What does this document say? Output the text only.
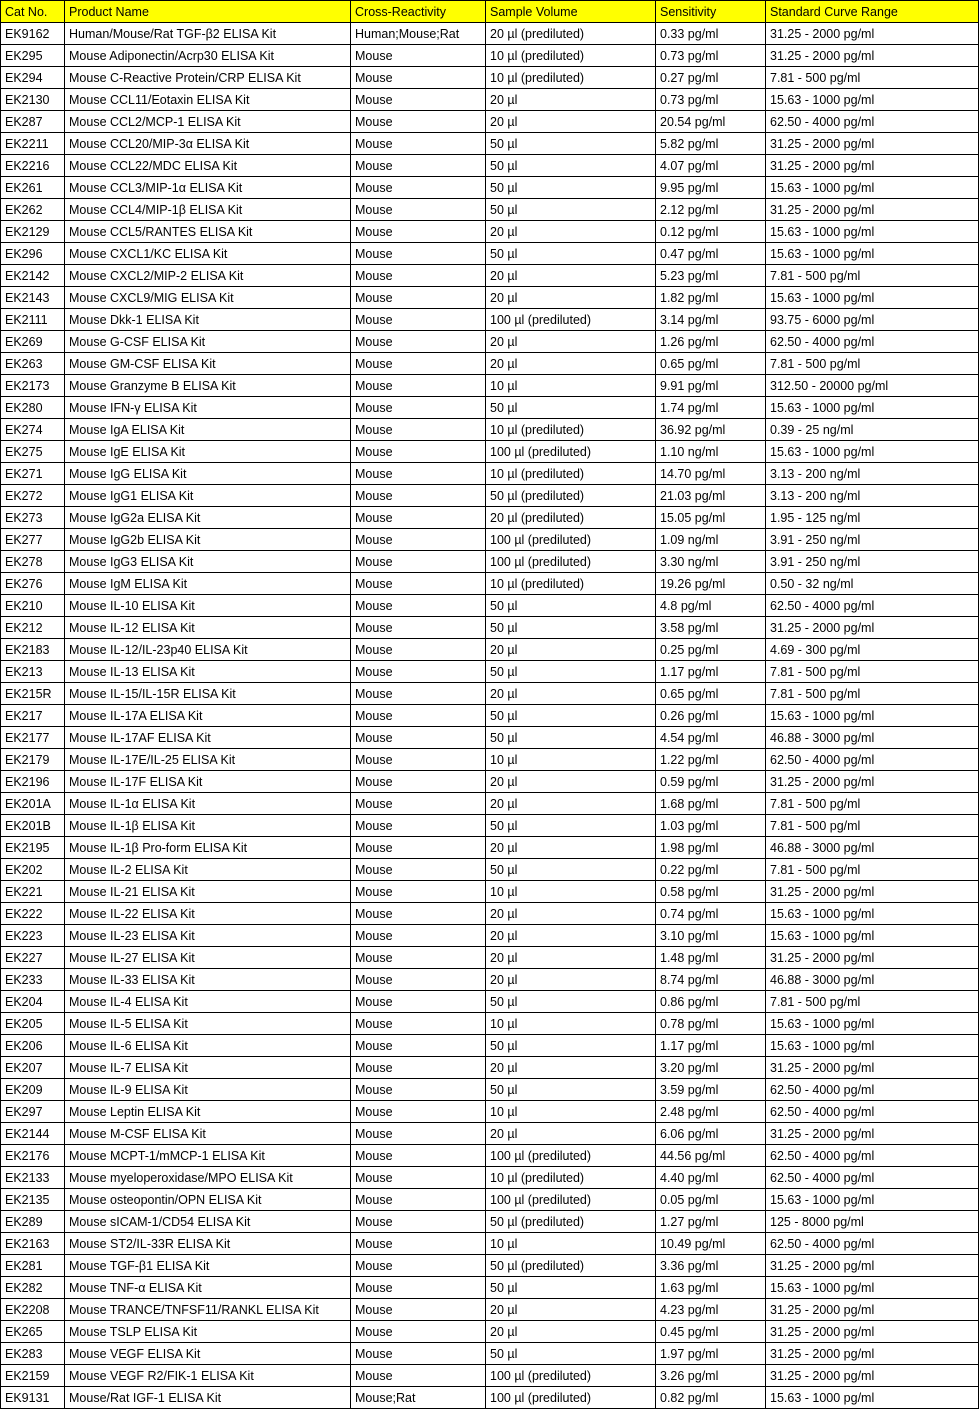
Cat No.	Product Name	Cross-Reactivity	Sample Volume	Sensitivity	Standard Curve Range
EK9162	Human/Mouse/Rat TGF-β2 ELISA Kit	Human;Mouse;Rat	20 µl (prediluted)	0.33 pg/ml	31.25 - 2000 pg/ml
EK295	Mouse Adiponectin/Acrp30 ELISA Kit	Mouse	10 µl (prediluted)	0.73 pg/ml	31.25 - 2000 pg/ml
EK294	Mouse C-Reactive Protein/CRP ELISA Kit	Mouse	10 µl (prediluted)	0.27 pg/ml	7.81 - 500 pg/ml
EK2130	Mouse CCL11/Eotaxin ELISA Kit	Mouse	20 µl	0.73 pg/ml	15.63 - 1000 pg/ml
EK287	Mouse CCL2/MCP-1 ELISA Kit	Mouse	20 µl	20.54 pg/ml	62.50 - 4000 pg/ml
EK2211	Mouse CCL20/MIP-3α ELISA Kit	Mouse	50 µl	5.82 pg/ml	31.25 - 2000 pg/ml
EK2216	Mouse CCL22/MDC ELISA Kit	Mouse	50 µl	4.07 pg/ml	31.25 - 2000 pg/ml
EK261	Mouse CCL3/MIP-1α ELISA Kit	Mouse	50 µl	9.95 pg/ml	15.63 - 1000 pg/ml
EK262	Mouse CCL4/MIP-1β ELISA Kit	Mouse	50 µl	2.12 pg/ml	31.25 - 2000 pg/ml
EK2129	Mouse CCL5/RANTES ELISA Kit	Mouse	20 µl	0.12 pg/ml	15.63 - 1000 pg/ml
EK296	Mouse CXCL1/KC ELISA Kit	Mouse	50 µl	0.47 pg/ml	15.63 - 1000 pg/ml
EK2142	Mouse CXCL2/MIP-2 ELISA Kit	Mouse	20 µl	5.23 pg/ml	7.81 - 500 pg/ml
EK2143	Mouse CXCL9/MIG ELISA Kit	Mouse	20 µl	1.82 pg/ml	15.63 - 1000 pg/ml
EK2111	Mouse Dkk-1 ELISA Kit	Mouse	100 µl (prediluted)	3.14 pg/ml	93.75 - 6000 pg/ml
EK269	Mouse G-CSF ELISA Kit	Mouse	20 µl	1.26 pg/ml	62.50 - 4000 pg/ml
EK263	Mouse GM-CSF ELISA Kit	Mouse	20 µl	0.65 pg/ml	7.81 - 500 pg/ml
EK2173	Mouse Granzyme B ELISA Kit	Mouse	10 µl	9.91 pg/ml	312.50 - 20000 pg/ml
EK280	Mouse IFN-γ ELISA Kit	Mouse	50 µl	1.74 pg/ml	15.63 - 1000 pg/ml
EK274	Mouse IgA ELISA Kit	Mouse	10 µl (prediluted)	36.92 pg/ml	0.39 - 25 ng/ml
EK275	Mouse IgE ELISA Kit	Mouse	100 µl (prediluted)	1.10 ng/ml	15.63 - 1000 pg/ml
EK271	Mouse IgG ELISA Kit	Mouse	10 µl (prediluted)	14.70 pg/ml	3.13 - 200 ng/ml
EK272	Mouse IgG1 ELISA Kit	Mouse	50 µl (prediluted)	21.03 pg/ml	3.13 - 200 ng/ml
EK273	Mouse IgG2a ELISA Kit	Mouse	20 µl (prediluted)	15.05 pg/ml	1.95 - 125 ng/ml
EK277	Mouse IgG2b ELISA Kit	Mouse	100 µl (prediluted)	1.09 ng/ml	3.91 - 250 ng/ml
EK278	Mouse IgG3 ELISA Kit	Mouse	100 µl (prediluted)	3.30 ng/ml	3.91 - 250 ng/ml
EK276	Mouse IgM ELISA Kit	Mouse	10 µl (prediluted)	19.26 pg/ml	0.50 - 32 ng/ml
EK210	Mouse IL-10 ELISA Kit	Mouse	50 µl	4.8 pg/ml	62.50 - 4000 pg/ml
EK212	Mouse IL-12 ELISA Kit	Mouse	50 µl	3.58 pg/ml	31.25 - 2000 pg/ml
EK2183	Mouse IL-12/IL-23p40 ELISA Kit	Mouse	20 µl	0.25 pg/ml	4.69 - 300 pg/ml
EK213	Mouse IL-13 ELISA Kit	Mouse	50 µl	1.17 pg/ml	7.81 - 500 pg/ml
EK215R	Mouse IL-15/IL-15R ELISA Kit	Mouse	20 µl	0.65 pg/ml	7.81 - 500 pg/ml
EK217	Mouse IL-17A ELISA Kit	Mouse	50 µl	0.26 pg/ml	15.63 - 1000 pg/ml
EK2177	Mouse IL-17AF ELISA Kit	Mouse	50 µl	4.54 pg/ml	46.88 - 3000 pg/ml
EK2179	Mouse IL-17E/IL-25 ELISA Kit	Mouse	10 µl	1.22 pg/ml	62.50 - 4000 pg/ml
EK2196	Mouse IL-17F ELISA Kit	Mouse	20 µl	0.59 pg/ml	31.25 - 2000 pg/ml
EK201A	Mouse IL-1α ELISA Kit	Mouse	20 µl	1.68 pg/ml	7.81 - 500 pg/ml
EK201B	Mouse IL-1β ELISA Kit	Mouse	50 µl	1.03 pg/ml	7.81 - 500 pg/ml
EK2195	Mouse IL-1β Pro-form ELISA Kit	Mouse	20 µl	1.98 pg/ml	46.88 - 3000 pg/ml
EK202	Mouse IL-2 ELISA Kit	Mouse	50 µl	0.22 pg/ml	7.81 - 500 pg/ml
EK221	Mouse IL-21 ELISA Kit	Mouse	10 µl	0.58 pg/ml	31.25 - 2000 pg/ml
EK222	Mouse IL-22 ELISA Kit	Mouse	20 µl	0.74 pg/ml	15.63 - 1000 pg/ml
EK223	Mouse IL-23 ELISA Kit	Mouse	20 µl	3.10 pg/ml	15.63 - 1000 pg/ml
EK227	Mouse IL-27 ELISA Kit	Mouse	20 µl	1.48 pg/ml	31.25 - 2000 pg/ml
EK233	Mouse IL-33 ELISA Kit	Mouse	20 µl	8.74 pg/ml	46.88 - 3000 pg/ml
EK204	Mouse IL-4 ELISA Kit	Mouse	50 µl	0.86 pg/ml	7.81 - 500 pg/ml
EK205	Mouse IL-5 ELISA Kit	Mouse	10 µl	0.78 pg/ml	15.63 - 1000 pg/ml
EK206	Mouse IL-6 ELISA Kit	Mouse	50 µl	1.17 pg/ml	15.63 - 1000 pg/ml
EK207	Mouse IL-7 ELISA Kit	Mouse	20 µl	3.20 pg/ml	31.25 - 2000 pg/ml
EK209	Mouse IL-9 ELISA Kit	Mouse	50 µl	3.59 pg/ml	62.50 - 4000 pg/ml
EK297	Mouse Leptin ELISA Kit	Mouse	10 µl	2.48 pg/ml	62.50 - 4000 pg/ml
EK2144	Mouse M-CSF ELISA Kit	Mouse	20 µl	6.06 pg/ml	31.25 - 2000 pg/ml
EK2176	Mouse MCPT-1/mMCP-1 ELISA Kit	Mouse	100 µl (prediluted)	44.56 pg/ml	62.50 - 4000 pg/ml
EK2133	Mouse myeloperoxidase/MPO ELISA Kit	Mouse	10 µl (prediluted)	4.40 pg/ml	62.50 - 4000 pg/ml
EK2135	Mouse osteopontin/OPN ELISA Kit	Mouse	100 µl (prediluted)	0.05 pg/ml	15.63 - 1000 pg/ml
EK289	Mouse sICAM-1/CD54 ELISA Kit	Mouse	50 µl (prediluted)	1.27 pg/ml	125 - 8000 pg/ml
EK2163	Mouse ST2/IL-33R ELISA Kit	Mouse	10 µl	10.49 pg/ml	62.50 - 4000 pg/ml
EK281	Mouse TGF-β1 ELISA Kit	Mouse	50 µl (prediluted)	3.36 pg/ml	31.25 - 2000 pg/ml
EK282	Mouse TNF-α ELISA Kit	Mouse	50 µl	1.63 pg/ml	15.63 - 1000 pg/ml
EK2208	Mouse TRANCE/TNFSF11/RANKL ELISA Kit	Mouse	20 µl	4.23 pg/ml	31.25 - 2000 pg/ml
EK265	Mouse TSLP ELISA Kit	Mouse	20 µl	0.45 pg/ml	31.25 - 2000 pg/ml
EK283	Mouse VEGF ELISA Kit	Mouse	50 µl	1.97 pg/ml	31.25 - 2000 pg/ml
EK2159	Mouse VEGF R2/FIK-1 ELISA Kit	Mouse	100 µl (prediluted)	3.26 pg/ml	31.25 - 2000 pg/ml
EK9131	Mouse/Rat IGF-1 ELISA Kit	Mouse;Rat	100 µl (prediluted)	0.82 pg/ml	15.63 - 1000 pg/ml
